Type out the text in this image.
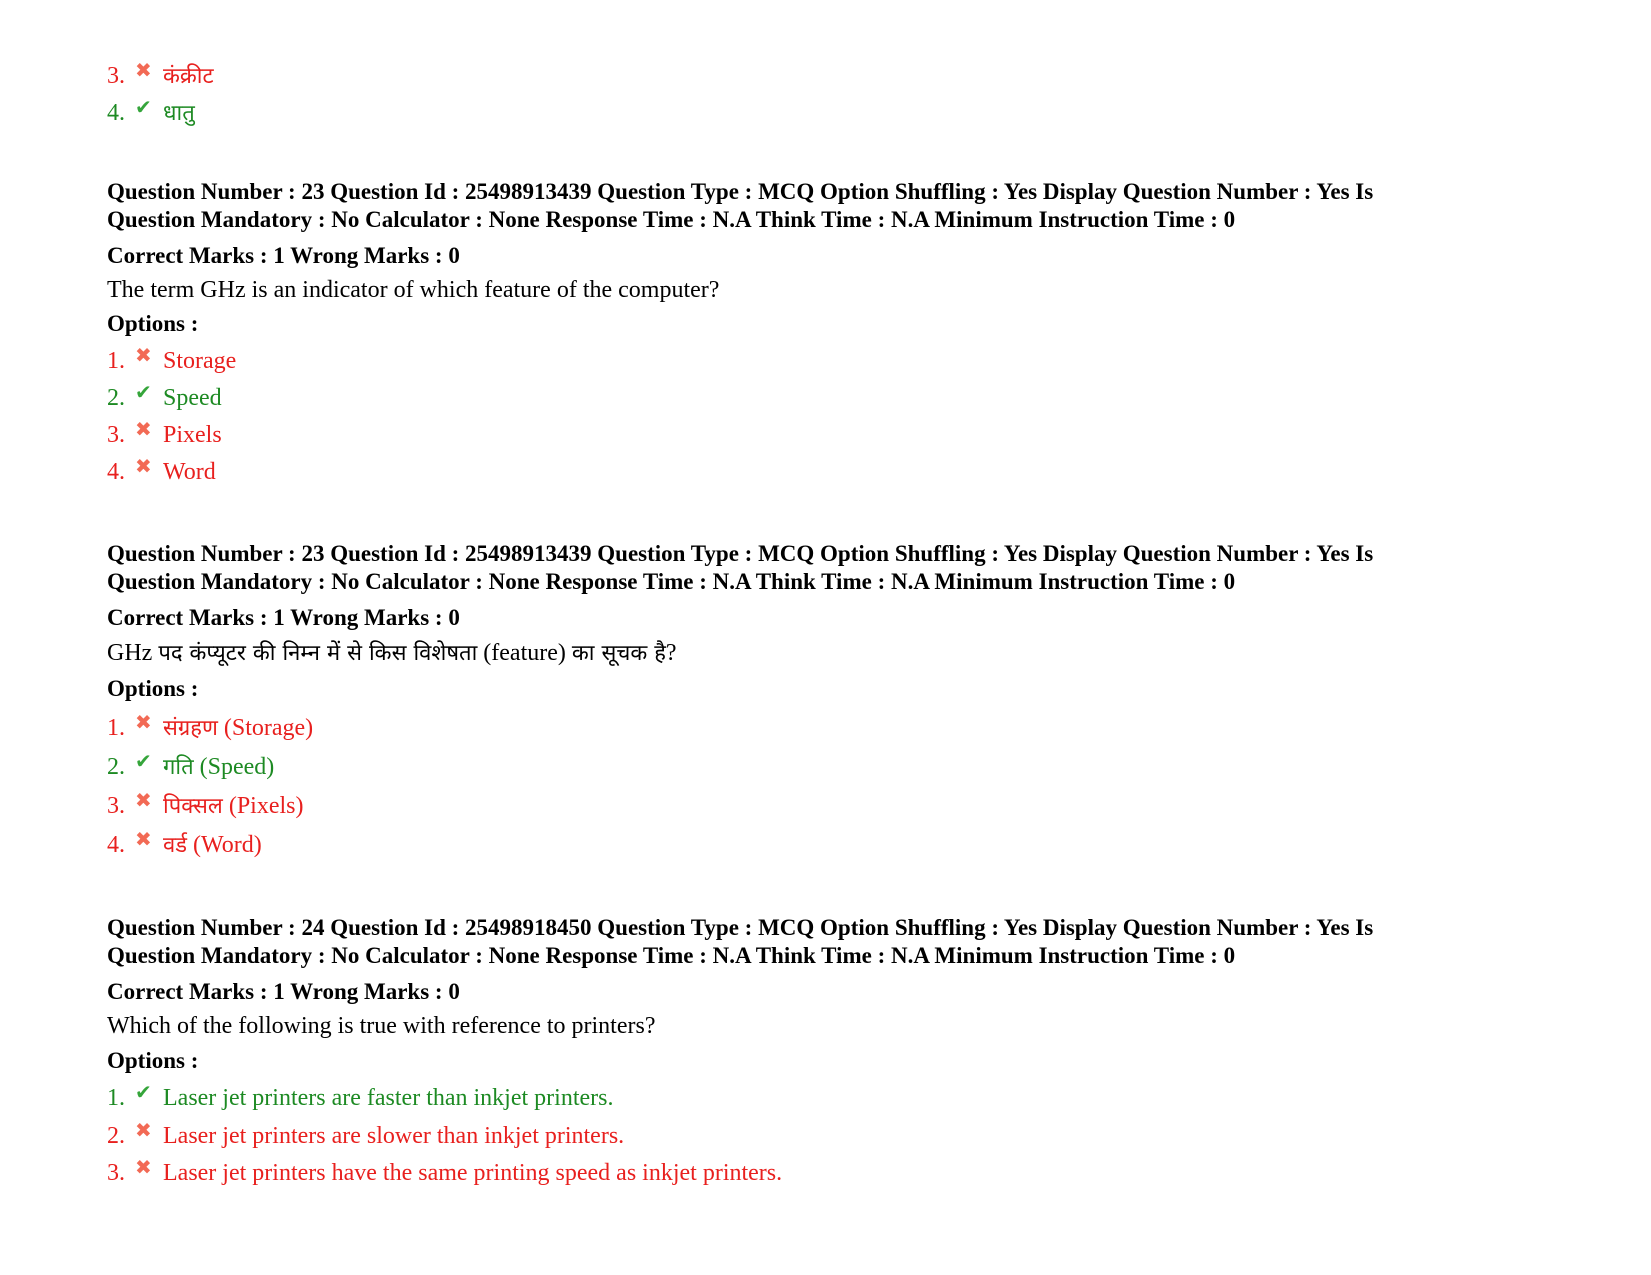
3. ✖ कंक्रीट
4. ✔ धातु
Question Number : 23 Question Id : 25498913439 Question Type : MCQ Option Shuffling : Yes Display Question Number : Yes Is
Question Mandatory : No Calculator : None Response Time : N.A Think Time : N.A Minimum Instruction Time : 0
Correct Marks : 1 Wrong Marks : 0
The term GHz is an indicator of which feature of the computer?
Options :
1. ✖ Storage
2. ✔ Speed
3. ✖ Pixels
4. ✖ Word
Question Number : 23 Question Id : 25498913439 Question Type : MCQ Option Shuffling : Yes Display Question Number : Yes Is
Question Mandatory : No Calculator : None Response Time : N.A Think Time : N.A Minimum Instruction Time : 0
Correct Marks : 1 Wrong Marks : 0
GHz पद कंप्यूटर की निम्न में से किस विशेषता (feature) का सूचक है?
Options :
1. ✖ संग्रहण (Storage)
2. ✔ गति (Speed)
3. ✖ पिक्सल (Pixels)
4. ✖ वर्ड (Word)
Question Number : 24 Question Id : 25498918450 Question Type : MCQ Option Shuffling : Yes Display Question Number : Yes Is
Question Mandatory : No Calculator : None Response Time : N.A Think Time : N.A Minimum Instruction Time : 0
Correct Marks : 1 Wrong Marks : 0
Which of the following is true with reference to printers?
Options :
1. ✔ Laser jet printers are faster than inkjet printers.
2. ✖ Laser jet printers are slower than inkjet printers.
3. ✖ Laser jet printers have the same printing speed as inkjet printers.
